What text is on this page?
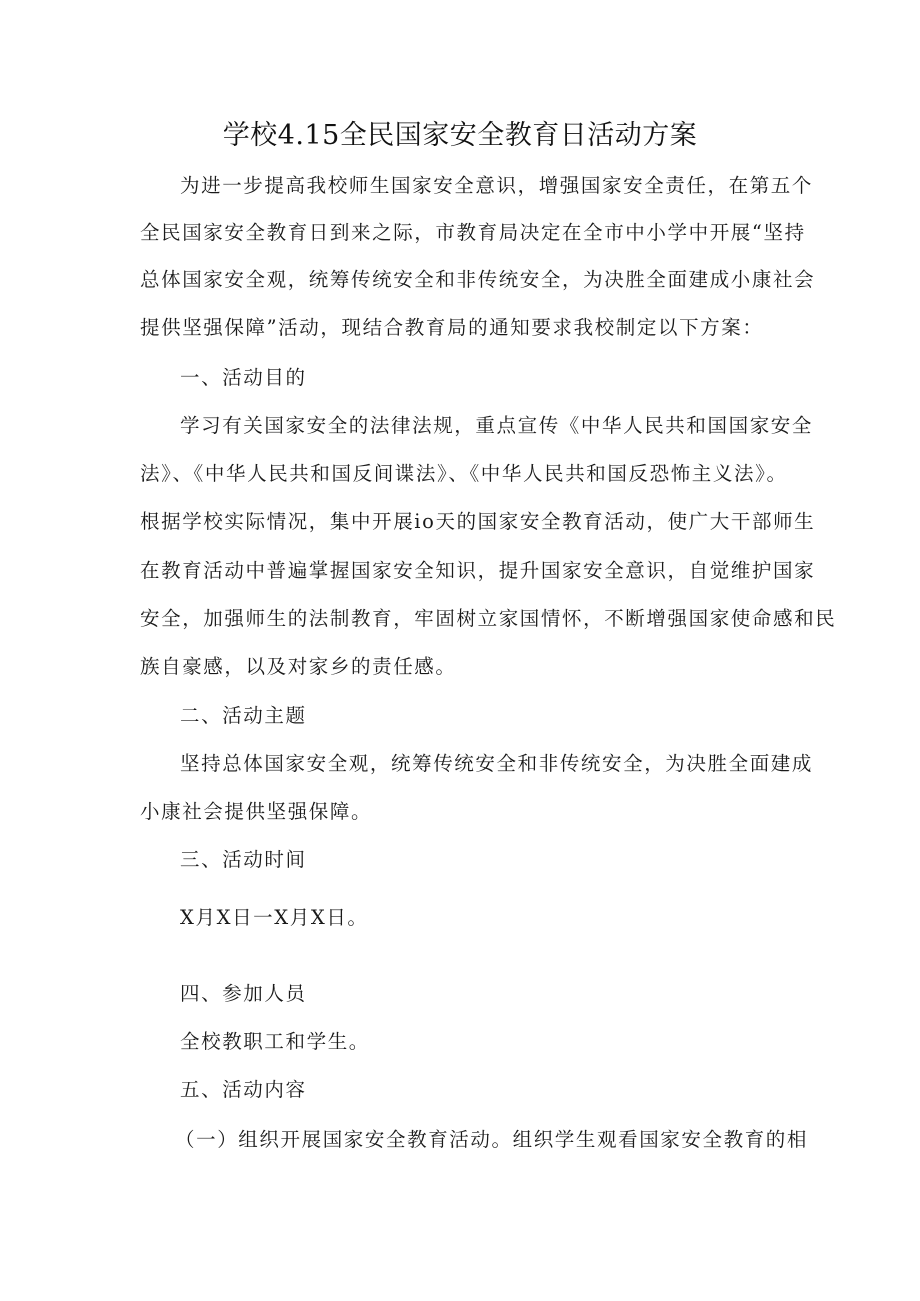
学校4.15全民国家安全教育日活动方案
为进一步提高我校师生国家安全意识，增强国家安全责任，在第五个
全民国家安全教育日到来之际，市教育局决定在全市中小学中开展“坚持
总体国家安全观，统筹传统安全和非传统安全，为决胜全面建成小康社会
提供坚强保障”活动，现结合教育局的通知要求我校制定以下方案：
一、活动目的
学习有关国家安全的法律法规，重点宣传《中华人民共和国国家安全
法》、《中华人民共和国反间谍法》、《中华人民共和国反恐怖主义法》。
根据学校实际情况，集中开展io天的国家安全教育活动，使广大干部师生
在教育活动中普遍掌握国家安全知识，提升国家安全意识，自觉维护国家
安全，加强师生的法制教育，牢固树立家国情怀，不断增强国家使命感和民
族自豪感，以及对家乡的责任感。
二、活动主题
坚持总体国家安全观，统筹传统安全和非传统安全，为决胜全面建成
小康社会提供坚强保障。
三、活动时间
X月X日一X月X日。
四、参加人员
全校教职工和学生。
五、活动内容
（一）组织开展国家安全教育活动。组织学生观看国家安全教育的相
